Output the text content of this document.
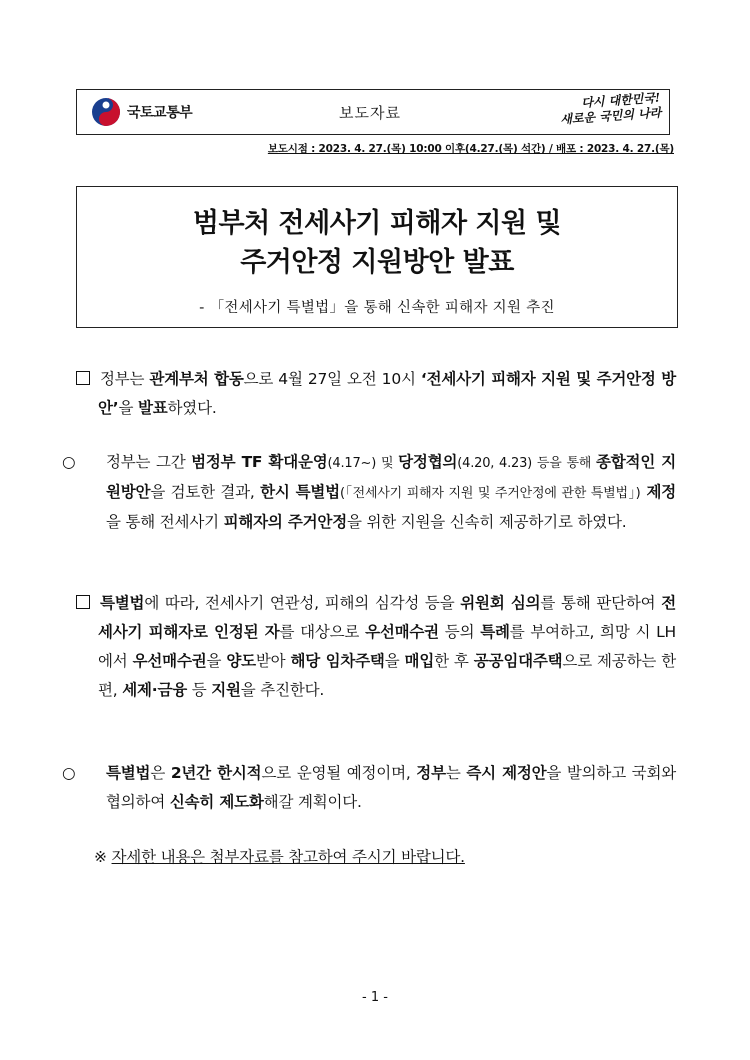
국토교통부	보도자료
다시 대한민국!
새로운 국민의 나라
보도시점 : 2023. 4. 27.(목) 10:00 이후(4.27.(목) 석간) / 배포 : 2023. 4. 27.(목)
범부처 전세사기 피해자 지원 및
주거안정 지원방안 발표
- 「전세사기 특별법」을 통해 신속한 피해자 지원 추진
정부는 관계부처 합동으로 4월 27일 오전 10시 ‘전세사기 피해자 지원 및 주거안정 방안’을 발표하였다.
○ 정부는 그간 범정부 TF 확대운영(4.17~) 및 당정협의(4.20, 4.23) 등을 통해 종합적인 지원방안을 검토한 결과, 한시 특별법(「전세사기 피해자 지원 및 주거안정에 관한 특별법」) 제정을 통해 전세사기 피해자의 주거안정을 위한 지원을 신속히 제공하기로 하였다.
특별법에 따라, 전세사기 연관성, 피해의 심각성 등을 위원회 심의를 통해 판단하여 전세사기 피해자로 인정된 자를 대상으로 우선매수권 등의 특례를 부여하고, 희망 시 LH에서 우선매수권을 양도받아 해당 임차주택을 매입한 후 공공임대주택으로 제공하는 한편, 세제·금융 등 지원을 추진한다.
○ 특별법은 2년간 한시적으로 운영될 예정이며, 정부는 즉시 제정안을 발의하고 국회와 협의하여 신속히 제도화해갈 계획이다.
※ 자세한 내용은 첨부자료를 참고하여 주시기 바랍니다.
- 1 -
